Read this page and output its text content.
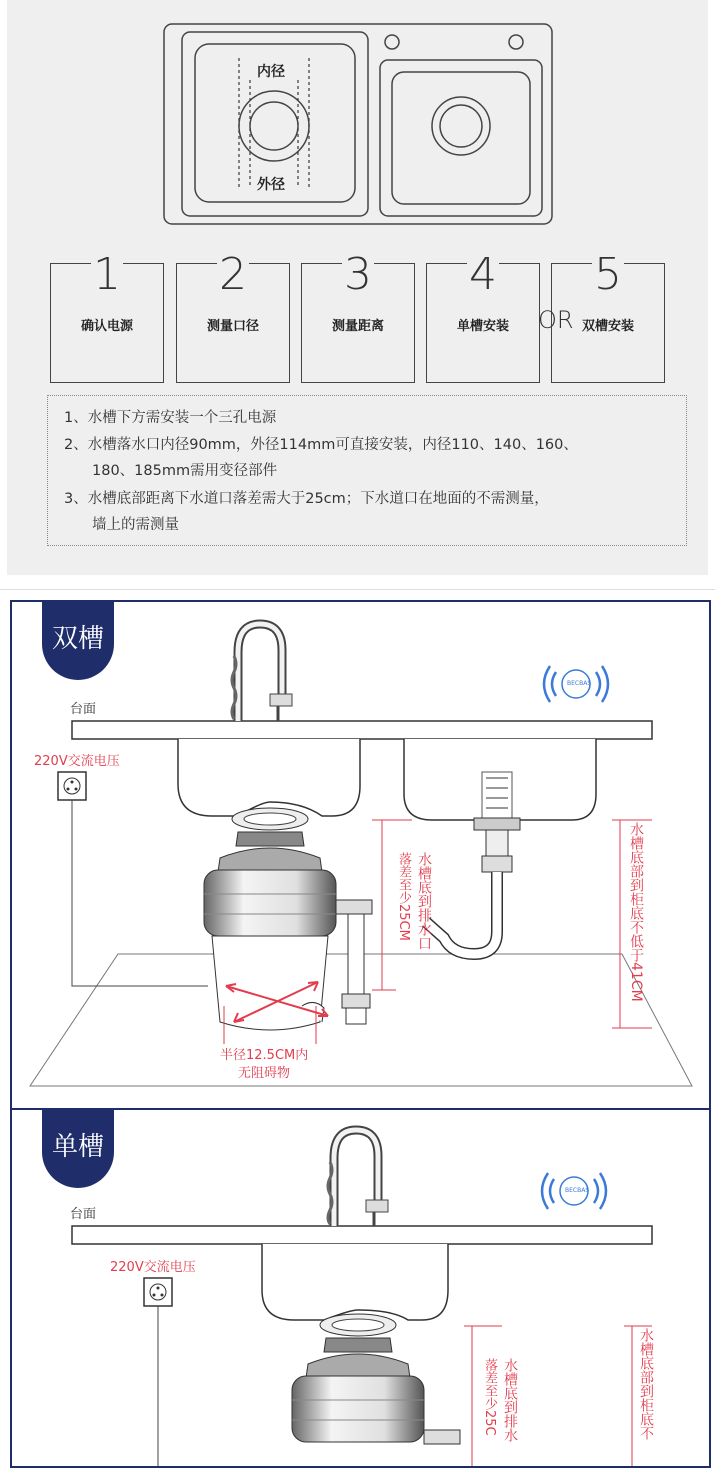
内径
外径
1
确认电源
2
测量口径
3
测量距离
4
单槽安装
5
双槽安装
OR
1、水槽下方需安装一个三孔电源
2、水槽落水口内径90mm，外径114mm可直接安装，内径110、140、160、
180、185mm需用变径部件
3、水槽底部距离下水道口落差需大于25cm；下水道口在地面的不需测量，
墙上的需测量
双槽
台面
220V交流电压
BECBAS
落差至少25CM 水槽底到排水口	水槽底部到柜底不低于41CM
半径12.5CM内
无阻碍物
单槽
台面
220V交流电压
BECBAS
落差至少25C 水槽底到排水	水槽底部到柜底不
